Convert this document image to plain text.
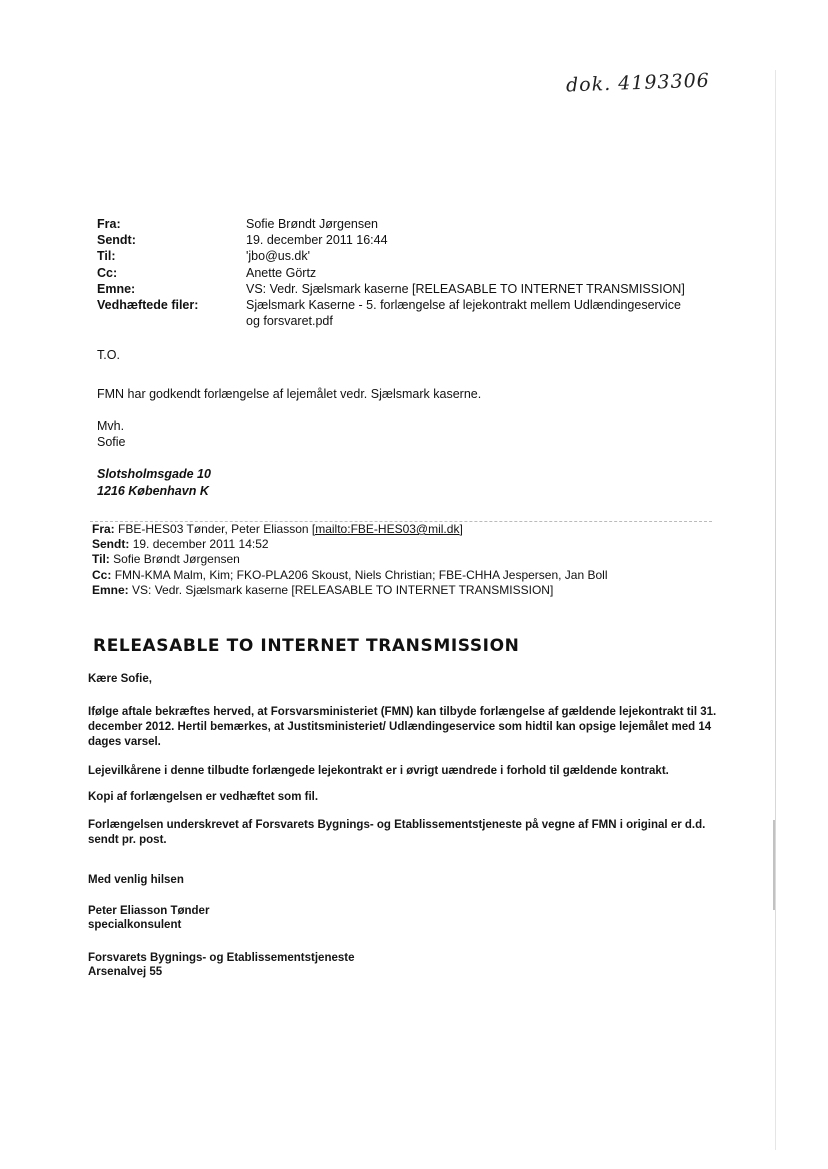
dok. 4193306
Fra:	Sofie Brøndt Jørgensen
Sendt:	19. december 2011 16:44
Til:	'jbo@us.dk'
Cc:	Anette Görtz
Emne:	VS: Vedr. Sjælsmark kaserne [RELEASABLE TO INTERNET TRANSMISSION]
Vedhæftede filer:	Sjælsmark Kaserne - 5. forlængelse af lejekontrakt mellem Udlændingeservice og forsvaret.pdf
T.O.
FMN har godkendt forlængelse af lejemålet vedr. Sjælsmark kaserne.
Mvh.
Sofie
Slotsholmsgade 10
1216 København K
Fra: FBE-HES03 Tønder, Peter Eliasson [mailto:FBE-HES03@mil.dk]
Sendt: 19. december 2011 14:52
Til: Sofie Brøndt Jørgensen
Cc: FMN-KMA Malm, Kim; FKO-PLA206 Skoust, Niels Christian; FBE-CHHA Jespersen, Jan Boll
Emne: VS: Vedr. Sjælsmark kaserne [RELEASABLE TO INTERNET TRANSMISSION]
RELEASABLE TO INTERNET TRANSMISSION
Kære Sofie,
Ifølge aftale bekræftes herved, at Forsvarsministeriet (FMN) kan tilbyde forlængelse af gældende lejekontrakt til 31. december 2012. Hertil bemærkes, at Justitsministeriet/ Udlændingeservice som hidtil kan opsige lejemålet med 14 dages varsel.
Lejevilkårene i denne tilbudte forlængede lejekontrakt er i øvrigt uændrede i forhold til gældende kontrakt.
Kopi af forlængelsen er vedhæftet som fil.
Forlængelsen underskrevet af Forsvarets Bygnings- og Etablissementstjeneste på vegne af FMN i original er d.d. sendt pr. post.
Med venlig hilsen
Peter Eliasson Tønder
specialkonsulent
Forsvarets Bygnings- og Etablissementstjeneste
Arsenalvej 55
